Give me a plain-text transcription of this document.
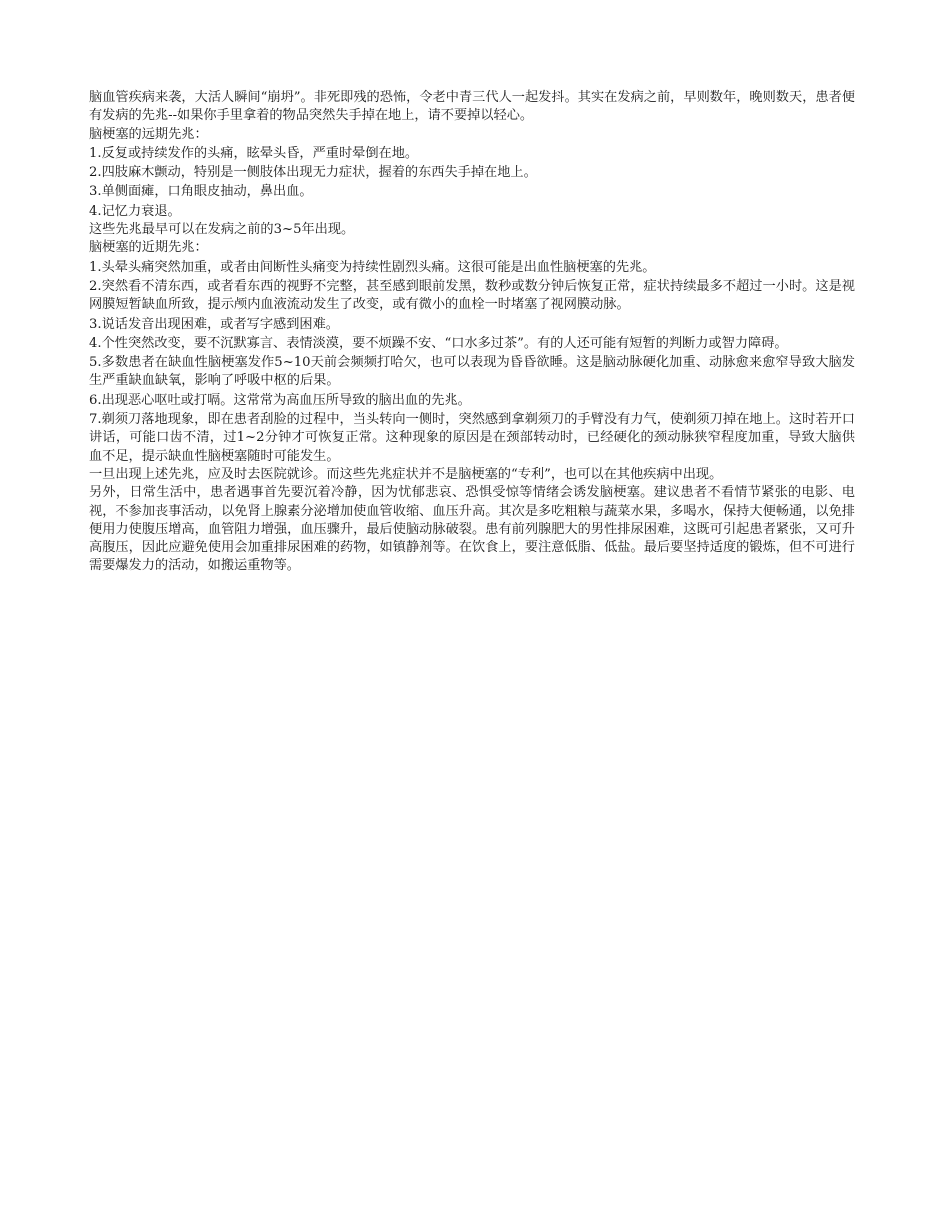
脑血管疾病来袭，大活人瞬间“崩坍”。非死即残的恐怖，令老中青三代人一起发抖。其实在发病之前，早则数年，晚则数天，患者便有发病的先兆--如果你手里拿着的物品突然失手掉在地上，请不要掉以轻心。

脑梗塞的远期先兆：

1.反复或持续发作的头痛，眩晕头昏，严重时晕倒在地。

2.四肢麻木颤动，特别是一侧肢体出现无力症状，握着的东西失手掉在地上。

3.单侧面瘫，口角眼皮抽动，鼻出血。

4.记忆力衰退。

这些先兆最早可以在发病之前的3~5年出现。

脑梗塞的近期先兆：

1.头晕头痛突然加重，或者由间断性头痛变为持续性剧烈头痛。这很可能是出血性脑梗塞的先兆。

2.突然看不清东西，或者看东西的视野不完整，甚至感到眼前发黑，数秒或数分钟后恢复正常，症状持续最多不超过一小时。这是视网膜短暂缺血所致，提示颅内血液流动发生了改变，或有微小的血栓一时堵塞了视网膜动脉。

3.说话发音出现困难，或者写字感到困难。

4.个性突然改变，要不沉默寡言、表情淡漠，要不烦躁不安、“口水多过茶”。有的人还可能有短暂的判断力或智力障碍。

5.多数患者在缺血性脑梗塞发作5~10天前会频频打哈欠，也可以表现为昏昏欲睡。这是脑动脉硬化加重、动脉愈来愈窄导致大脑发生严重缺血缺氧，影响了呼吸中枢的后果。

6.出现恶心呕吐或打嗝。这常常为高血压所导致的脑出血的先兆。

7.剃须刀落地现象，即在患者刮脸的过程中，当头转向一侧时，突然感到拿剃须刀的手臂没有力气，使剃须刀掉在地上。这时若开口讲话，可能口齿不清，过1~2分钟才可恢复正常。这种现象的原因是在颈部转动时，已经硬化的颈动脉狭窄程度加重，导致大脑供血不足，提示缺血性脑梗塞随时可能发生。

一旦出现上述先兆，应及时去医院就诊。而这些先兆症状并不是脑梗塞的“专利”，也可以在其他疾病中出现。

另外，日常生活中，患者遇事首先要沉着冷静，因为忧郁悲哀、恐惧受惊等情绪会诱发脑梗塞。建议患者不看情节紧张的电影、电视，不参加丧事活动，以免肾上腺素分泌增加使血管收缩、血压升高。其次是多吃粗粮与蔬菜水果，多喝水，保持大便畅通，以免排便用力使腹压增高，血管阻力增强，血压骤升，最后使脑动脉破裂。患有前列腺肥大的男性排尿困难，这既可引起患者紧张，又可升高腹压，因此应避免使用会加重排尿困难的药物，如镇静剂等。在饮食上，要注意低脂、低盐。最后要坚持适度的锻炼，但不可进行需要爆发力的活动，如搬运重物等。
